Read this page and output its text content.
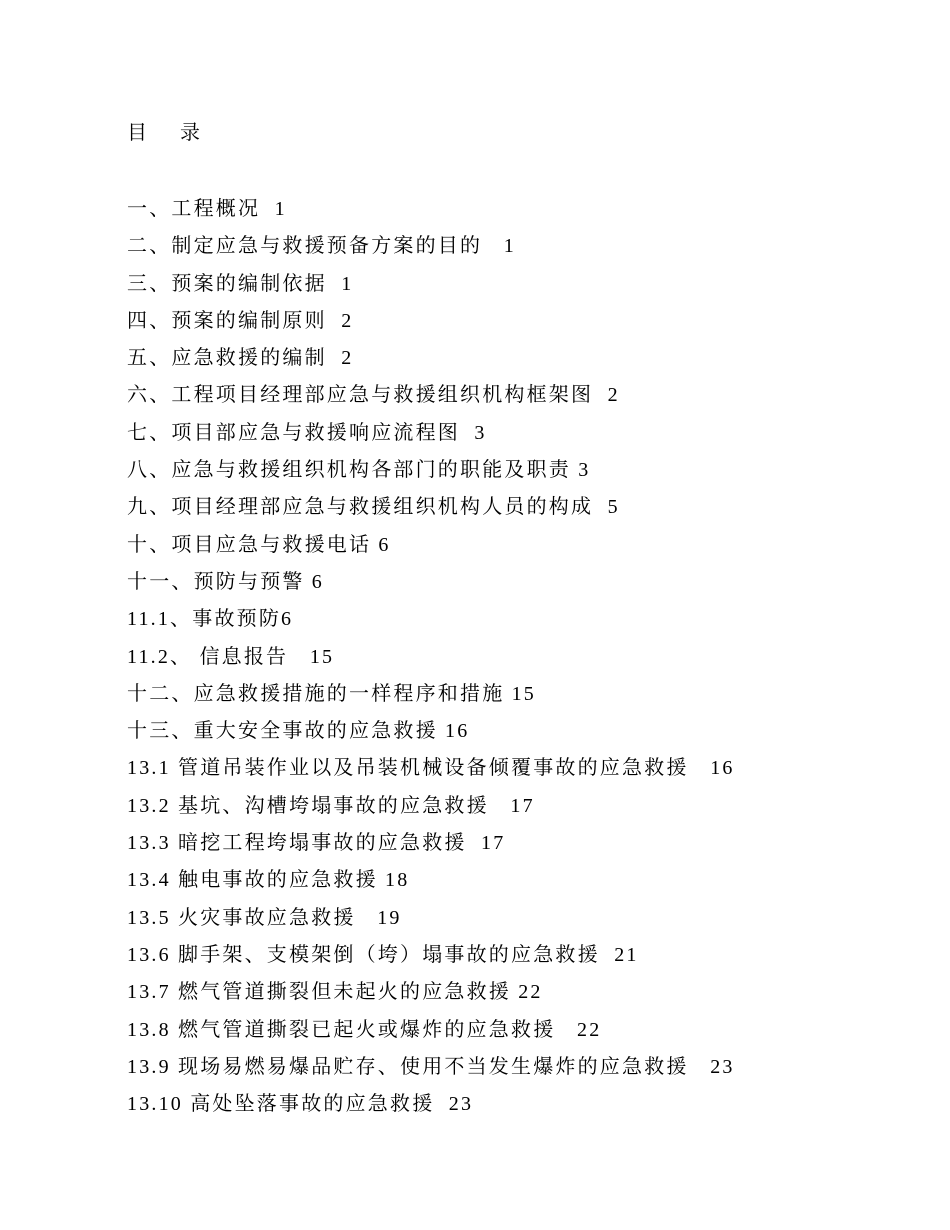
目 录
一、工程概况  1
二、制定应急与救援预备方案的目的   1
三、预案的编制依据  1
四、预案的编制原则  2
五、应急救援的编制  2
六、工程项目经理部应急与救援组织机构框架图  2
七、项目部应急与救援响应流程图  3
八、应急与救援组织机构各部门的职能及职责 3
九、项目经理部应急与救援组织机构人员的构成  5
十、项目应急与救援电话 6
十一、预防与预警 6
11.1、事故预防6
11.2、 信息报告   15
十二、应急救援措施的一样程序和措施 15
十三、重大安全事故的应急救援 16
13.1 管道吊装作业以及吊装机械设备倾覆事故的应急救援   16
13.2 基坑、沟槽垮塌事故的应急救援   17
13.3 暗挖工程垮塌事故的应急救援  17
13.4 触电事故的应急救援 18
13.5 火灾事故应急救援   19
13.6 脚手架、支模架倒（垮）塌事故的应急救援  21
13.7 燃气管道撕裂但未起火的应急救援 22
13.8 燃气管道撕裂已起火或爆炸的应急救援   22
13.9 现场易燃易爆品贮存、使用不当发生爆炸的应急救援   23
13.10 高处坠落事故的应急救援  23
